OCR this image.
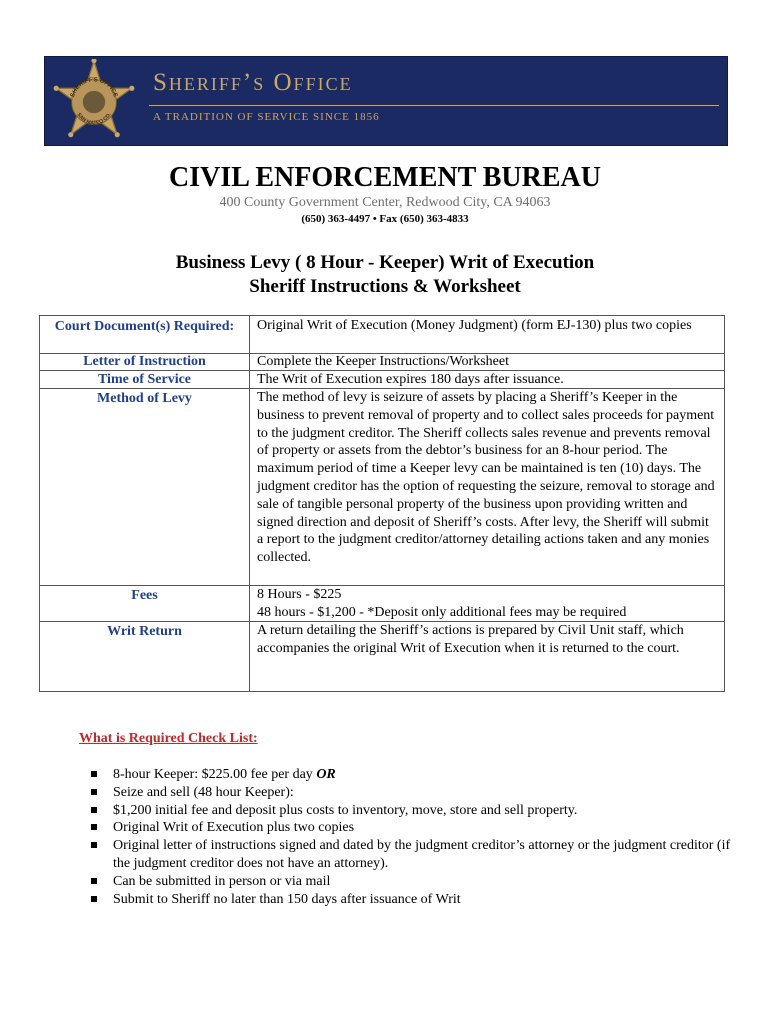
SHERIFF'S OFFICE
SAN MATEO CO.
Sheriff’s Office
A TRADITION OF SERVICE SINCE 1856
CIVIL ENFORCEMENT BUREAU
400 County Government Center, Redwood City, CA 94063
(650) 363-4497 • Fax (650) 363-4833
Business Levy ( 8 Hour - Keeper) Writ of Execution
Sheriff Instructions & Worksheet
Court Document(s) Required:	Original Writ of Execution (Money Judgment) (form EJ-130) plus two copies
Letter of Instruction	Complete the Keeper Instructions/Worksheet
Time of Service	The Writ of Execution expires 180 days after issuance.
Method of Levy	The method of levy is seizure of assets by placing a Sheriff’s Keeper in the business to prevent removal of property and to collect sales proceeds for payment to the judgment creditor. The Sheriff collects sales revenue and prevents removal of property or assets from the debtor’s business for an 8-hour period. The maximum period of time a Keeper levy can be maintained is ten (10) days. The judgment creditor has the option of requesting the seizure, removal to storage and sale of tangible personal property of the business upon providing written and signed direction and deposit of Sheriff’s costs. After levy, the Sheriff will submit a report to the judgment creditor/attorney detailing actions taken and any monies collected.
Fees	8 Hours - $225
48 hours - $1,200 - *Deposit only additional fees may be required
Writ Return	A return detailing the Sheriff’s actions is prepared by Civil Unit staff, which accompanies the original Writ of Execution when it is returned to the court.
What is Required Check List:
8-hour Keeper: $225.00 fee per day OR
Seize and sell (48 hour Keeper):
$1,200 initial fee and deposit plus costs to inventory, move, store and sell property.
Original Writ of Execution plus two copies
Original letter of instructions signed and dated by the judgment creditor’s attorney or the judgment creditor (if the judgment creditor does not have an attorney).
Can be submitted in person or via mail
Submit to Sheriff no later than 150 days after issuance of Writ
